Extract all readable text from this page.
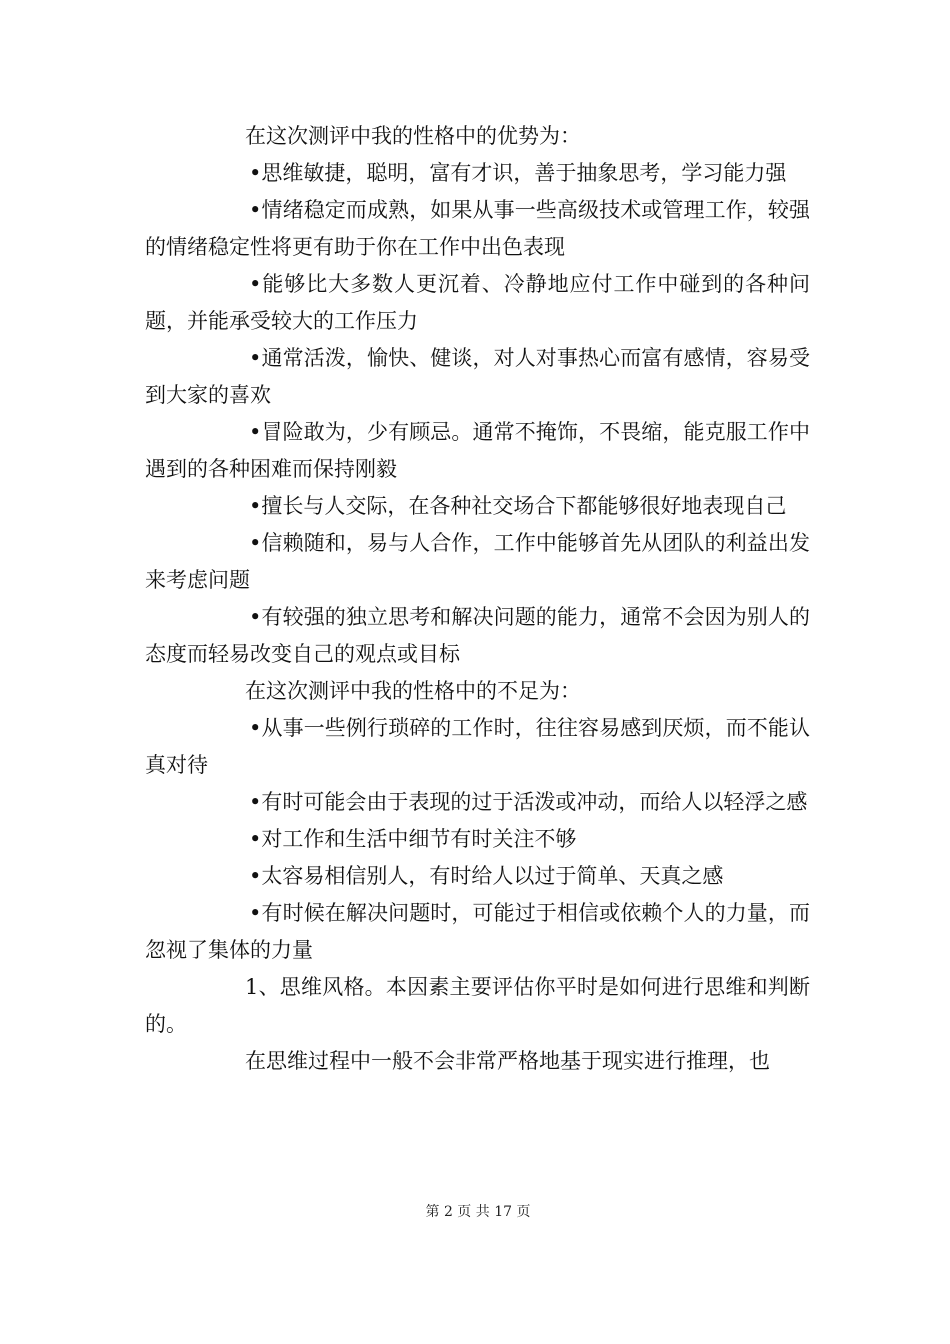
在这次测评中我的性格中的优势为：

•思维敏捷，聪明，富有才识，善于抽象思考，学习能力强

•情绪稳定而成熟，如果从事一些高级技术或管理工作，较强的情绪稳定性将更有助于你在工作中出色表现

•能够比大多数人更沉着、冷静地应付工作中碰到的各种问题，并能承受较大的工作压力

•通常活泼，愉快、健谈，对人对事热心而富有感情，容易受到大家的喜欢

•冒险敢为，少有顾忌。通常不掩饰，不畏缩，能克服工作中遇到的各种困难而保持刚毅

•擅长与人交际，在各种社交场合下都能够很好地表现自己

•信赖随和，易与人合作，工作中能够首先从团队的利益出发来考虑问题

•有较强的独立思考和解决问题的能力，通常不会因为别人的态度而轻易改变自己的观点或目标

在这次测评中我的性格中的不足为：

•从事一些例行琐碎的工作时，往往容易感到厌烦，而不能认真对待

•有时可能会由于表现的过于活泼或冲动，而给人以轻浮之感

•对工作和生活中细节有时关注不够

•太容易相信别人，有时给人以过于简单、天真之感

•有时候在解决问题时，可能过于相信或依赖个人的力量，而忽视了集体的力量

1、思维风格。本因素主要评估你平时是如何进行思维和判断的。

在思维过程中一般不会非常严格地基于现实进行推理，也

第 2 页 共 17 页
